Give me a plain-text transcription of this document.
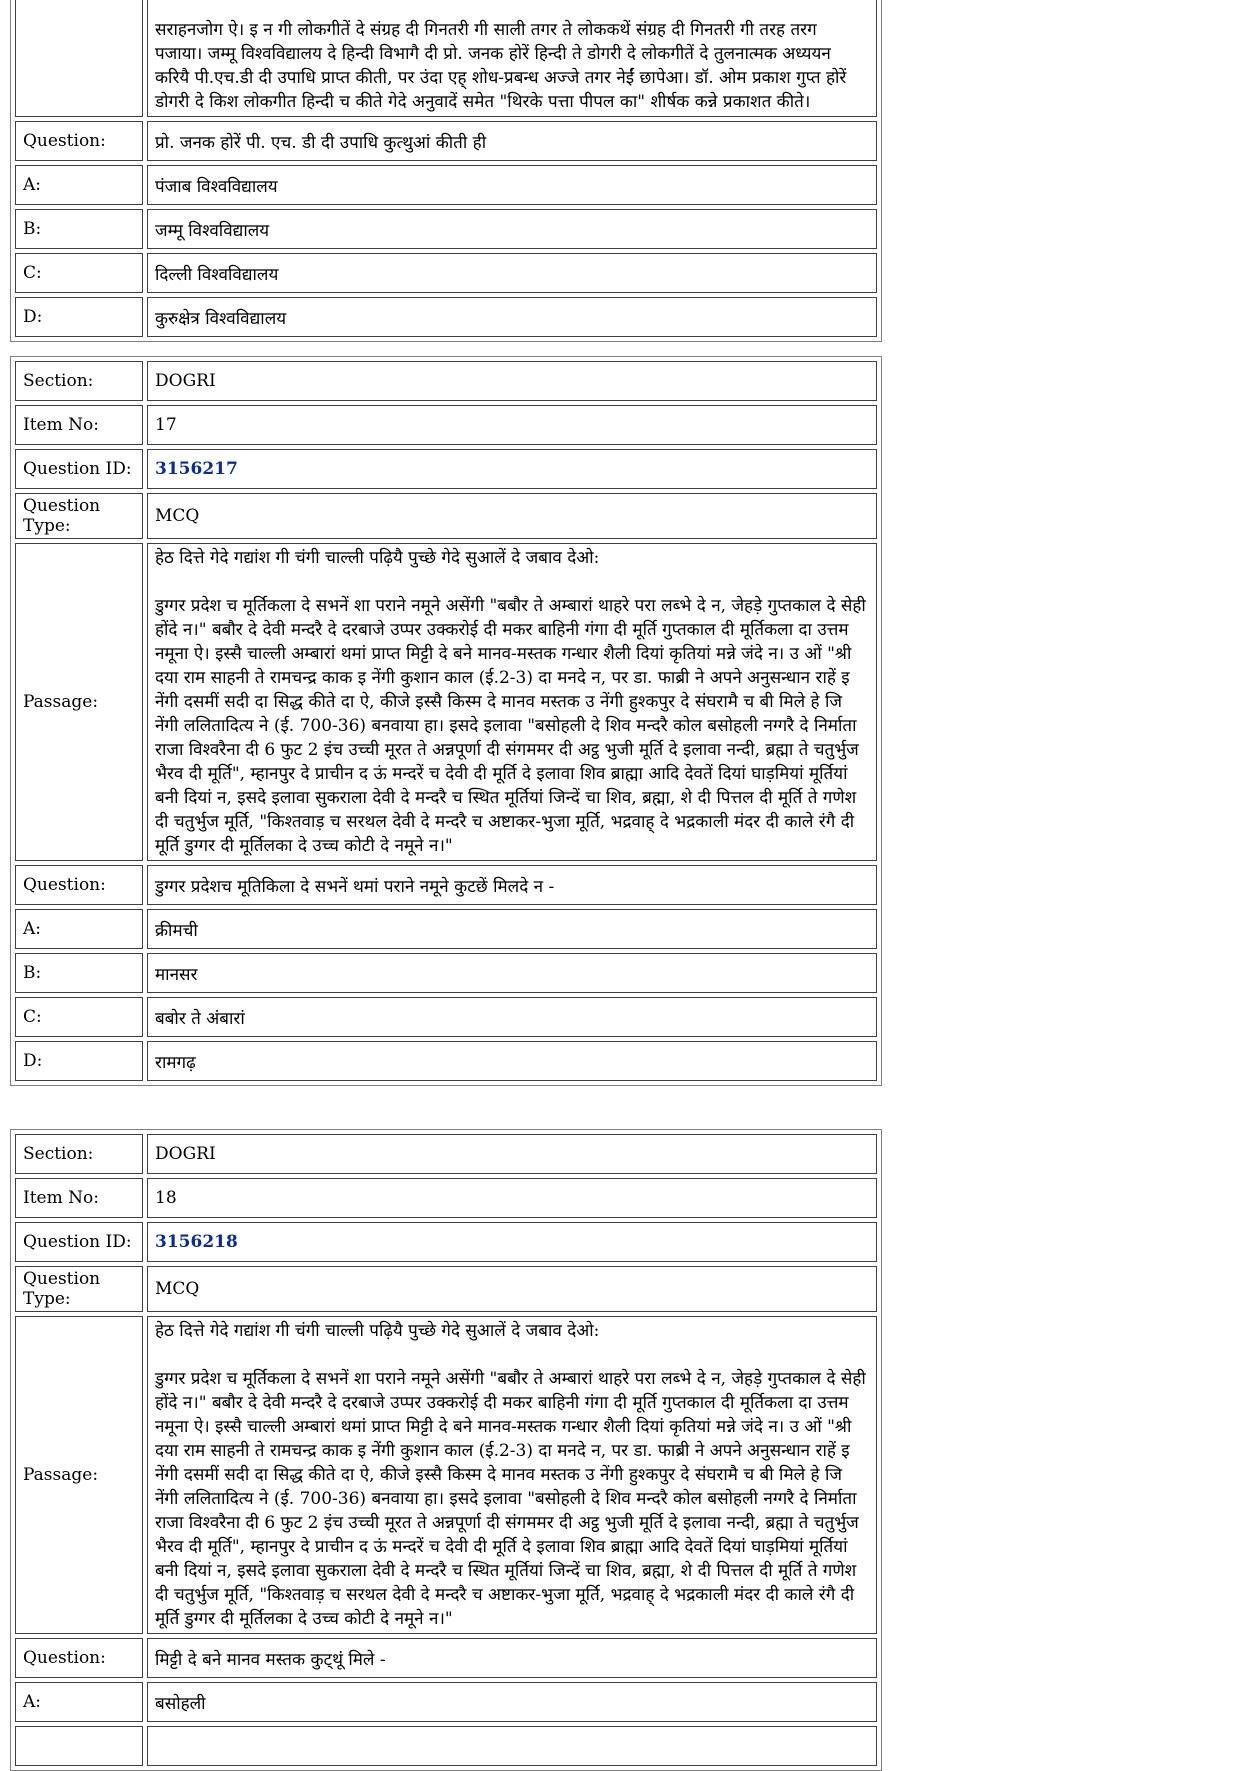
	सराहनजोग ऐ। इ न गी लोकगीतें दे संग्रह दी गिनतरी गी साली तगर ते लोककथें संग्रह दी गिनतरी गी तरह तरग पजाया। जम्मू विश्वविद्यालय दे हिन्दी विभागै दी प्रो. जनक होरें हिन्दी ते डोगरी दे लोकगीतें दे तुलनात्मक अध्ययन करियै पी.एच.डी दी उपाधि प्राप्त कीती, पर उंदा एह् शोध-प्रबन्ध अज्जे तगर नेईं छापेआ। डॉ. ओम प्रकाश गुप्त होरें डोगरी दे किश लोकगीत हिन्दी च कीते गेदे अनुवादें समेत "थिरके पत्ता पीपल का" शीर्षक कन्ने प्रकाशत कीते।
Question:	प्रो. जनक होरें पी. एच. डी दी उपाधि कुत्थुआं कीती ही
A:	पंजाब विश्वविद्यालय
B:	जम्मू विश्वविद्यालय
C:	दिल्ली विश्वविद्यालय
D:	कुरुक्षेत्र विश्वविद्यालय
Section:	DOGRI
Item No:	17
Question ID:	3156217
Question Type:	MCQ
Passage:	हेठ दित्ते गेदे गद्यांश गी चंगी चाल्ली पढ़ियै पुच्छे गेदे सुआलें दे जबाव देओ:

डुग्गर प्रदेश च मूर्तिकला दे सभनें शा पराने नमूने असेंगी "बबौर ते अम्बारां थाहरे परा लब्भे दे न, जेहड़े गुप्तकाल दे सेही होंदे न।" बबौर दे देवी मन्दरै दे दरबाजे उप्पर उक्करोई दी मकर बाहिनी गंगा दी मूर्ति गुप्तकाल दी मूर्तिकला दा उत्तम नमूना ऐ। इस्सै चाल्ली अम्बारां थमां प्राप्त मिट्टी दे बने मानव-मस्तक गन्धार शैली दियां कृतियां मन्ने जंदे न। उ ओं "श्री दया राम साहनी ते रामचन्द्र काक इ नेंगी कुशान काल (ई.2-3) दा मनदे न, पर डा. फाब्री ने अपने अनुसन्धान राहें इ नेंगी दसमीं सदी दा सिद्ध कीते दा ऐ, कीजे इस्सै किस्म दे मानव मस्तक उ नेंगी हुश्कपुर दे संघरामै च बी मिले हे जि नेंगी ललितादित्य ने (ई. 700-36) बनवाया हा। इसदे इलावा "बसोहली दे शिव मन्दरै कोल बसोहली नग्गरै दे निर्माता राजा विश्वरैना दी 6 फुट 2 इंच उच्ची मूरत ते अन्नपूर्णा दी संगममर दी अट्ठ भुजी मूर्ति दे इलावा नन्दी, ब्रह्मा ते चतुर्भुज भैरव दी मूर्ति", म्हानपुर दे प्राचीन द ऊं मन्दरें च देवी दी मूर्ति दे इलावा शिव ब्राह्मा आदि देवतें दियां घाड़मियां मूर्तियां बनी दियां न, इसदे इलावा सुकराला देवी दे मन्दरै च स्थित मूर्तियां जिन्दें चा शिव, ब्रह्मा, शे दी पित्तल दी मूर्ति ते गणेश दी चतुर्भुज मूर्ति, "किश्तवाड़ च सरथल देवी दे मन्दरै च अष्टाकर-भुजा मूर्ति, भद्रवाह् दे भद्रकाली मंदर दी काले रंगै दी मूर्ति डुग्गर दी मूर्तिलका दे उच्च कोटी दे नमूने न।"
Question:	डुग्गर प्रदेशच मूतिकिला दे सभनें थमां पराने नमूने कुटछें मिलदे न -
A:	क्रीमची
B:	मानसर
C:	बबोर ते अंबारां
D:	रामगढ़
Section:	DOGRI
Item No:	18
Question ID:	3156218
Question Type:	MCQ
Passage:	हेठ दित्ते गेदे गद्यांश गी चंगी चाल्ली पढ़ियै पुच्छे गेदे सुआलें दे जबाव देओ:

डुग्गर प्रदेश च मूर्तिकला दे सभनें शा पराने नमूने असेंगी "बबौर ते अम्बारां थाहरे परा लब्भे दे न, जेहड़े गुप्तकाल दे सेही होंदे न।" बबौर दे देवी मन्दरै दे दरबाजे उप्पर उक्करोई दी मकर बाहिनी गंगा दी मूर्ति गुप्तकाल दी मूर्तिकला दा उत्तम नमूना ऐ। इस्सै चाल्ली अम्बारां थमां प्राप्त मिट्टी दे बने मानव-मस्तक गन्धार शैली दियां कृतियां मन्ने जंदे न। उ ओं "श्री दया राम साहनी ते रामचन्द्र काक इ नेंगी कुशान काल (ई.2-3) दा मनदे न, पर डा. फाब्री ने अपने अनुसन्धान राहें इ नेंगी दसमीं सदी दा सिद्ध कीते दा ऐ, कीजे इस्सै किस्म दे मानव मस्तक उ नेंगी हुश्कपुर दे संघरामै च बी मिले हे जि नेंगी ललितादित्य ने (ई. 700-36) बनवाया हा। इसदे इलावा "बसोहली दे शिव मन्दरै कोल बसोहली नग्गरै दे निर्माता राजा विश्वरैना दी 6 फुट 2 इंच उच्ची मूरत ते अन्नपूर्णा दी संगममर दी अट्ठ भुजी मूर्ति दे इलावा नन्दी, ब्रह्मा ते चतुर्भुज भैरव दी मूर्ति", म्हानपुर दे प्राचीन द ऊं मन्दरें च देवी दी मूर्ति दे इलावा शिव ब्राह्मा आदि देवतें दियां घाड़मियां मूर्तियां बनी दियां न, इसदे इलावा सुकराला देवी दे मन्दरै च स्थित मूर्तियां जिन्दें चा शिव, ब्रह्मा, शे दी पित्तल दी मूर्ति ते गणेश दी चतुर्भुज मूर्ति, "किश्तवाड़ च सरथल देवी दे मन्दरै च अष्टाकर-भुजा मूर्ति, भद्रवाह् दे भद्रकाली मंदर दी काले रंगै दी मूर्ति डुग्गर दी मूर्तिलका दे उच्च कोटी दे नमूने न।"
Question:	मिट्टी दे बने मानव मस्तक कुट्थूं मिले -
A:	बसोहली
